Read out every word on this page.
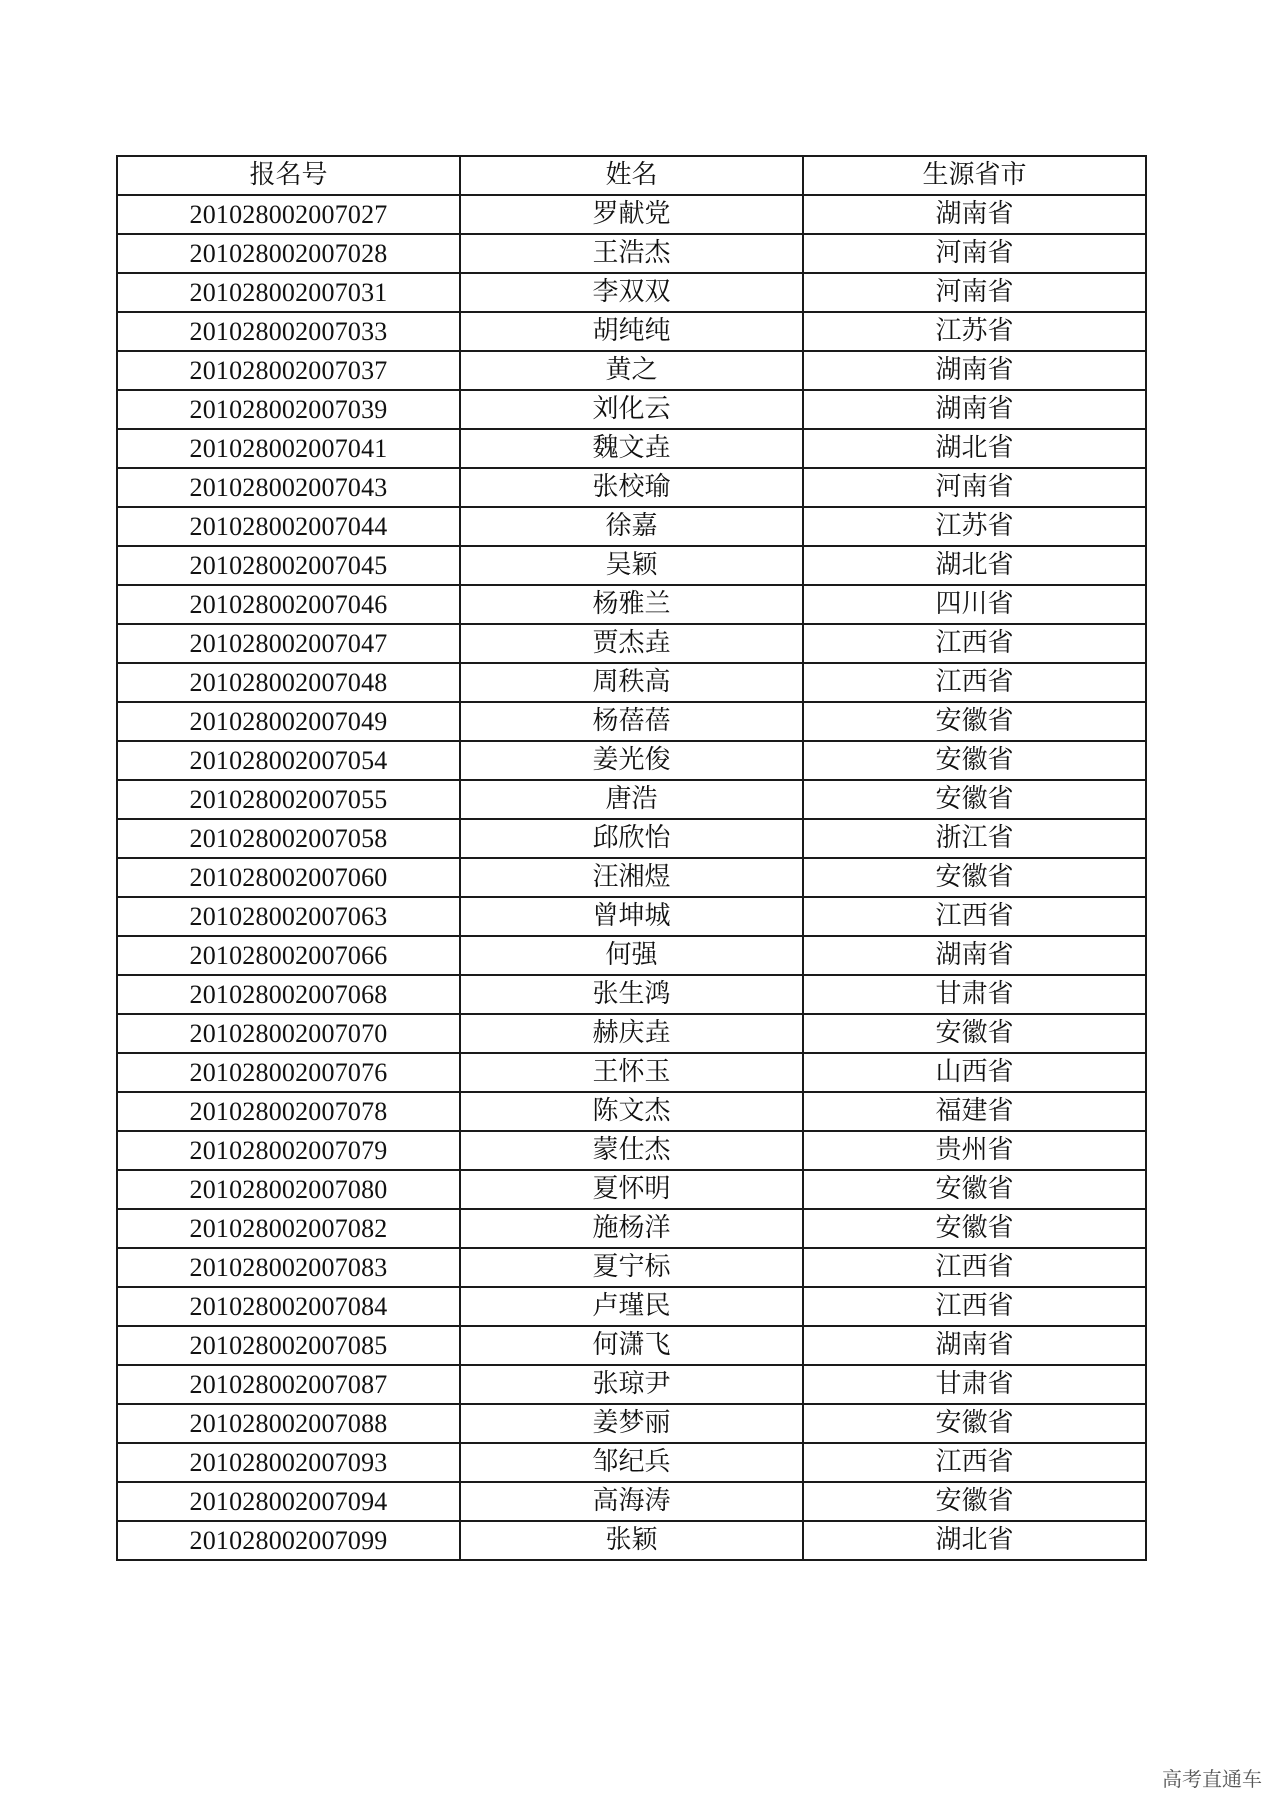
报名号	姓名	生源省市
201028002007027	罗献党	湖南省
201028002007028	王浩杰	河南省
201028002007031	李双双	河南省
201028002007033	胡纯纯	江苏省
201028002007037	黄之	湖南省
201028002007039	刘化云	湖南省
201028002007041	魏文垚	湖北省
201028002007043	张校瑜	河南省
201028002007044	徐嘉	江苏省
201028002007045	吴颖	湖北省
201028002007046	杨雅兰	四川省
201028002007047	贾杰垚	江西省
201028002007048	周秩高	江西省
201028002007049	杨蓓蓓	安徽省
201028002007054	姜光俊	安徽省
201028002007055	唐浩	安徽省
201028002007058	邱欣怡	浙江省
201028002007060	汪湘煜	安徽省
201028002007063	曾坤城	江西省
201028002007066	何强	湖南省
201028002007068	张生鸿	甘肃省
201028002007070	赫庆垚	安徽省
201028002007076	王怀玉	山西省
201028002007078	陈文杰	福建省
201028002007079	蒙仕杰	贵州省
201028002007080	夏怀明	安徽省
201028002007082	施杨洋	安徽省
201028002007083	夏宁标	江西省
201028002007084	卢瑾民	江西省
201028002007085	何潇飞	湖南省
201028002007087	张琼尹	甘肃省
201028002007088	姜梦丽	安徽省
201028002007093	邹纪兵	江西省
201028002007094	高海涛	安徽省
201028002007099	张颖	湖北省
高考直通车
